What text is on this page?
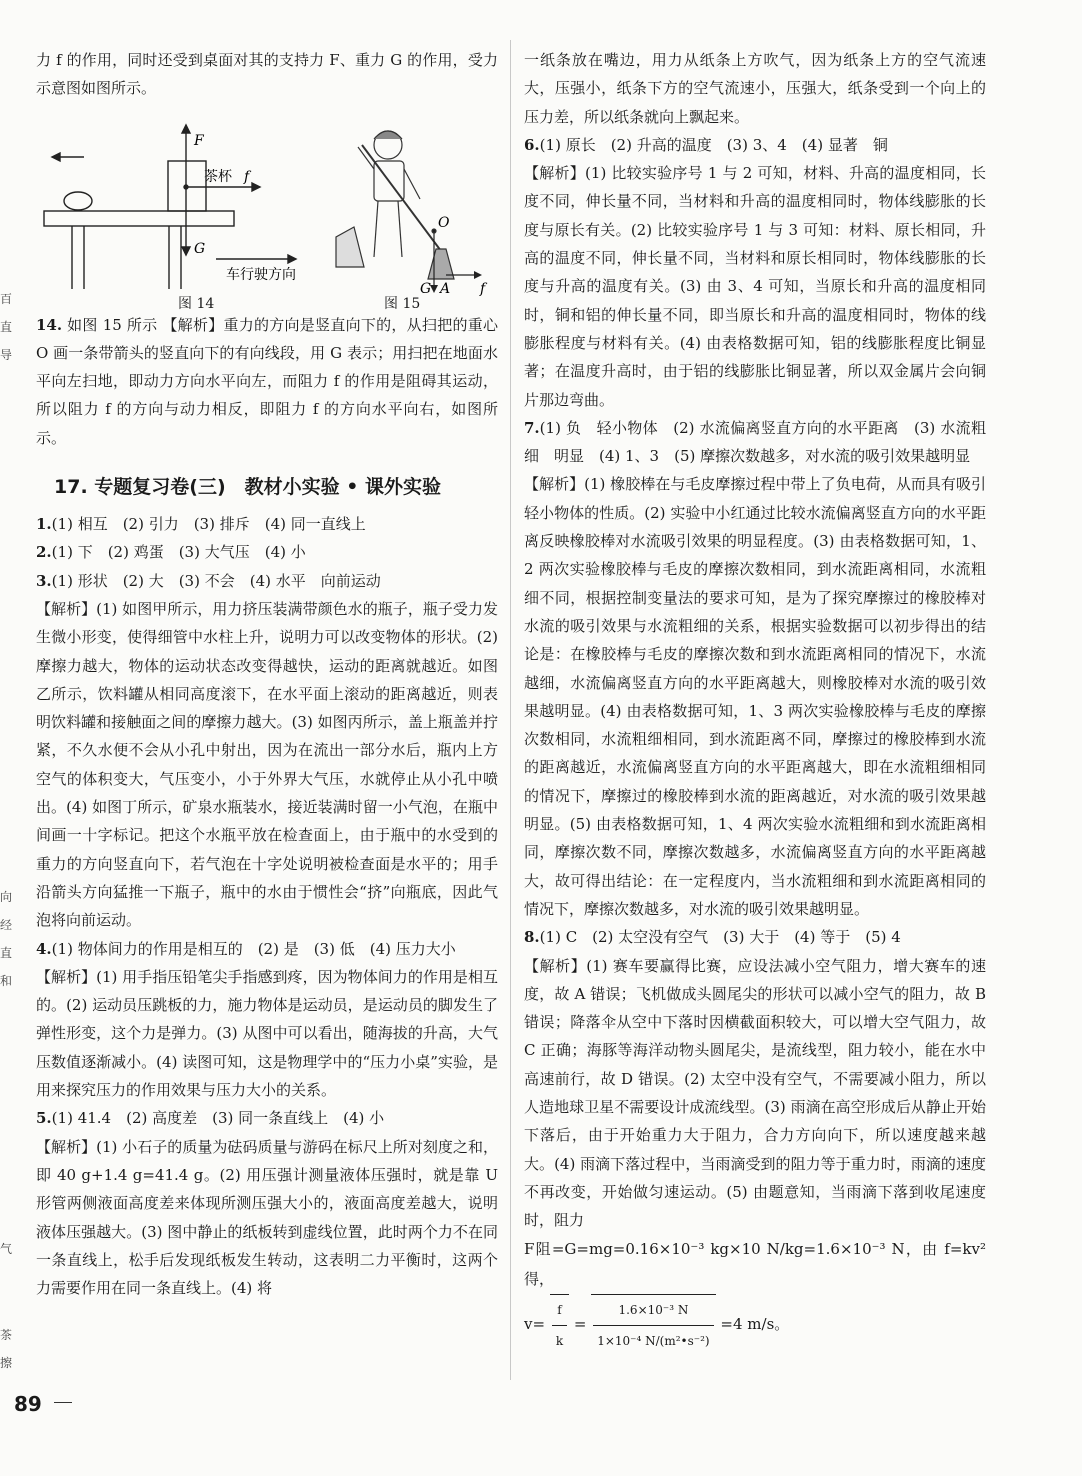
百
直
导
向
经
直
和
气
茶
擦

力 f 的作用，同时还受到桌面对其的支持力 F、重力 G 的作用，受力示意图如图所示。

F
G
茶杯 f
车行驶方向
O
G A f
图 14	图 15

14. 如图 15 所示 【解析】重力的方向是竖直向下的，从扫把的重心 O 画一条带箭头的竖直向下的有向线段，用 G 表示；用扫把在地面水平向左扫地，即动力方向水平向左，而阻力 f 的作用是阻碍其运动，所以阻力 f 的方向与动力相反，即阻力 f 的方向水平向右，如图所示。

17. 专题复习卷(三)　教材小实验 • 课外实验

1.(1) 相互　(2) 引力　(3) 排斥　(4) 同一直线上

2.(1) 下　(2) 鸡蛋　(3) 大气压　(4) 小

3.(1) 形状　(2) 大　(3) 不会　(4) 水平　向前运动

【解析】(1) 如图甲所示，用力挤压装满带颜色水的瓶子，瓶子受力发生微小形变，使得细管中水柱上升，说明力可以改变物体的形状。(2) 摩擦力越大，物体的运动状态改变得越快，运动的距离就越近。如图乙所示，饮料罐从相同高度滚下，在水平面上滚动的距离越近，则表明饮料罐和接触面之间的摩擦力越大。(3) 如图丙所示，盖上瓶盖并拧紧，不久水便不会从小孔中射出，因为在流出一部分水后，瓶内上方空气的体积变大，气压变小，小于外界大气压，水就停止从小孔中喷出。(4) 如图丁所示，矿泉水瓶装水，接近装满时留一小气泡，在瓶中间画一十字标记。把这个水瓶平放在检查面上，由于瓶中的水受到的重力的方向竖直向下，若气泡在十字处说明被检查面是水平的；用手沿箭头方向猛推一下瓶子，瓶中的水由于惯性会“挤”向瓶底，因此气泡将向前运动。

4.(1) 物体间力的作用是相互的　(2) 是　(3) 低　(4) 压力大小

【解析】(1) 用手指压铅笔尖手指感到疼，因为物体间力的作用是相互的。(2) 运动员压跳板的力，施力物体是运动员，是运动员的脚发生了弹性形变，这个力是弹力。(3) 从图中可以看出，随海拔的升高，大气压数值逐渐减小。(4) 读图可知，这是物理学中的“压力小桌”实验，是用来探究压力的作用效果与压力大小的关系。

5.(1) 41.4　(2) 高度差　(3) 同一条直线上　(4) 小

【解析】(1) 小石子的质量为砝码质量与游码在标尺上所对刻度之和，即 40 g+1.4 g=41.4 g。(2) 用压强计测量液体压强时，就是靠 U 形管两侧液面高度差来体现所测压强大小的，液面高度差越大，说明液体压强越大。(3) 图中静止的纸板转到虚线位置，此时两个力不在同一条直线上，松手后发现纸板发生转动，这表明二力平衡时，这两个力需要作用在同一条直线上。(4) 将

一纸条放在嘴边，用力从纸条上方吹气，因为纸条上方的空气流速大，压强小，纸条下方的空气流速小，压强大，纸条受到一个向上的压力差，所以纸条就向上飘起来。

6.(1) 原长　(2) 升高的温度　(3) 3、4　(4) 显著　铜

【解析】(1) 比较实验序号 1 与 2 可知，材料、升高的温度相同，长度不同，伸长量不同，当材料和升高的温度相同时，物体线膨胀的长度与原长有关。(2) 比较实验序号 1 与 3 可知：材料、原长相同，升高的温度不同，伸长量不同，当材料和原长相同时，物体线膨胀的长度与升高的温度有关。(3) 由 3、4 可知，当原长和升高的温度相同时，铜和铝的伸长量不同，即当原长和升高的温度相同时，物体的线膨胀程度与材料有关。(4) 由表格数据可知，铝的线膨胀程度比铜显著；在温度升高时，由于铝的线膨胀比铜显著，所以双金属片会向铜片那边弯曲。

7.(1) 负　轻小物体　(2) 水流偏离竖直方向的水平距离　(3) 水流粗细　明显　(4) 1、3　(5) 摩擦次数越多，对水流的吸引效果越明显

【解析】(1) 橡胶棒在与毛皮摩擦过程中带上了负电荷，从而具有吸引轻小物体的性质。(2) 实验中小红通过比较水流偏离竖直方向的水平距离反映橡胶棒对水流吸引效果的明显程度。(3) 由表格数据可知，1、2 两次实验橡胶棒与毛皮的摩擦次数相同，到水流距离相同，水流粗细不同，根据控制变量法的要求可知，是为了探究摩擦过的橡胶棒对水流的吸引效果与水流粗细的关系，根据实验数据可以初步得出的结论是：在橡胶棒与毛皮的摩擦次数和到水流距离相同的情况下，水流越细，水流偏离竖直方向的水平距离越大，则橡胶棒对水流的吸引效果越明显。(4) 由表格数据可知，1、3 两次实验橡胶棒与毛皮的摩擦次数相同，水流粗细相同，到水流距离不同，摩擦过的橡胶棒到水流的距离越近，水流偏离竖直方向的水平距离越大，即在水流粗细相同的情况下，摩擦过的橡胶棒到水流的距离越近，对水流的吸引效果越明显。(5) 由表格数据可知，1、4 两次实验水流粗细和到水流距离相同，摩擦次数不同，摩擦次数越多，水流偏离竖直方向的水平距离越大，故可得出结论：在一定程度内，当水流粗细和到水流距离相同的情况下，摩擦次数越多，对水流的吸引效果越明显。

8.(1) C　(2) 太空没有空气　(3) 大于　(4) 等于　(5) 4

【解析】(1) 赛车要赢得比赛，应设法减小空气阻力，增大赛车的速度，故 A 错误；飞机做成头圆尾尖的形状可以减小空气的阻力，故 B 错误；降落伞从空中下落时因横截面积较大，可以增大空气阻力，故 C 正确；海豚等海洋动物头圆尾尖，是流线型，阻力较小，能在水中高速前行，故 D 错误。(2) 太空中没有空气，不需要减小阻力，所以人造地球卫星不需要设计成流线型。(3) 雨滴在高空形成后从静止开始下落后，由于开始重力大于阻力，合力方向向下，所以速度越来越大。(4) 雨滴下落过程中，当雨滴受到的阻力等于重力时，雨滴的速度不再改变，开始做匀速运动。(5) 由题意知，当雨滴下落到收尾速度时，阻力

F阻=G=mg=0.16×10⁻³ kg×10 N/kg=1.6×10⁻³ N，由 f=kv² 得，

$v= \frac{f}{k} = \frac{\text{1.6×10⁻³ N}}{\text{1×10⁻⁴ N/(m²•s⁻²)}} =4$ m/s。

89
